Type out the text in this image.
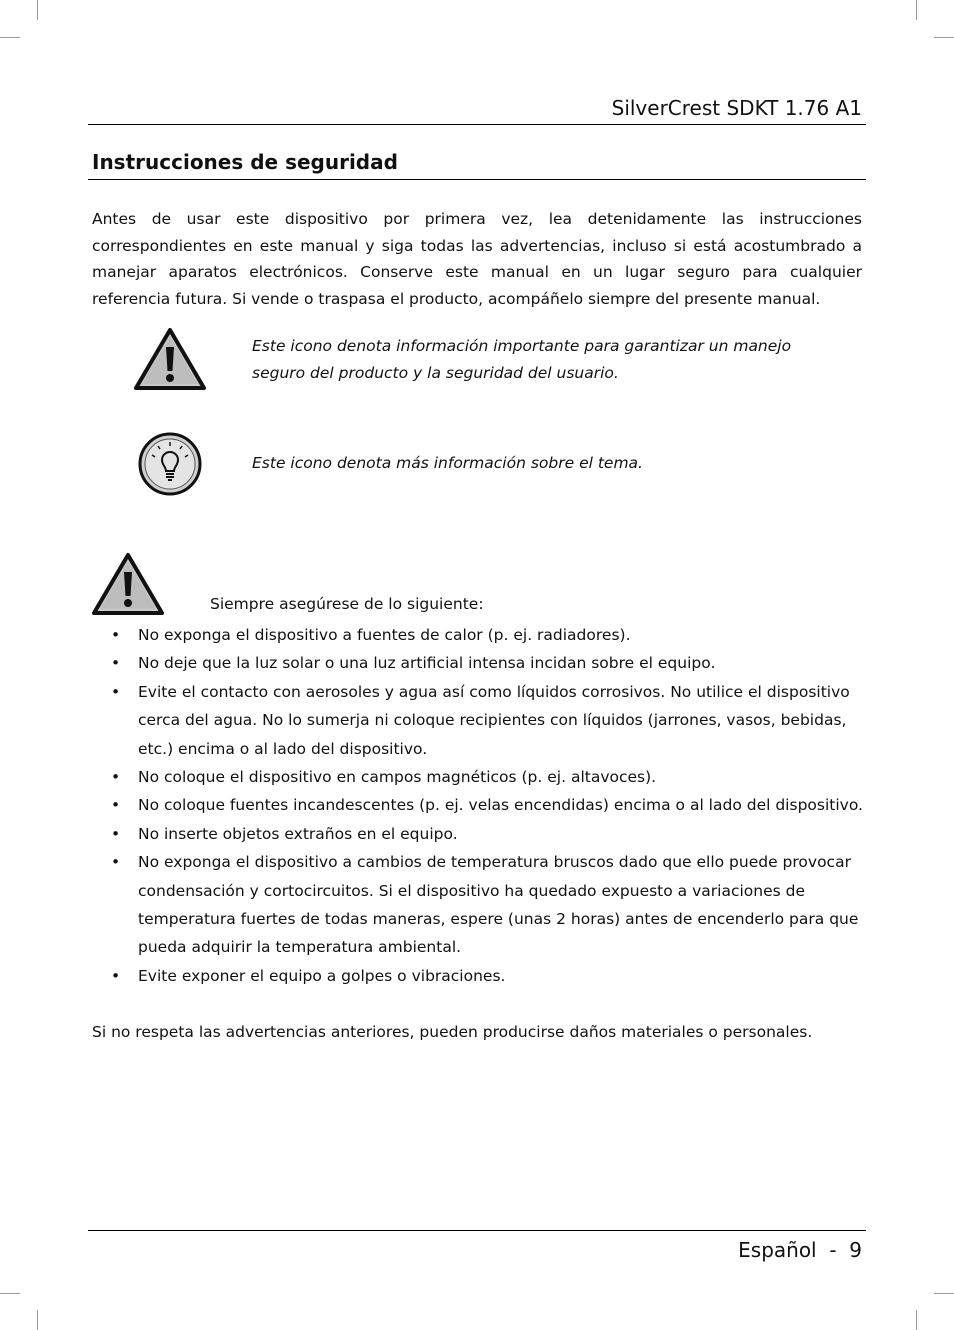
SilverCrest SDKT 1.76 A1
Instrucciones de seguridad

Antes de usar este dispositivo por primera vez, lea detenidamente las instrucciones correspondientes en este manual y siga todas las advertencias, incluso si está acostumbrado a manejar aparatos electrónicos. Conserve este manual en un lugar seguro para cualquier referencia futura. Si vende o traspasa el producto, acompáñelo siempre del presente manual.

Este icono denota información importante para garantizar un manejo seguro del producto y la seguridad del usuario.

Este icono denota más información sobre el tema.

Siempre asegúrese de lo siguiente:
• No exponga el dispositivo a fuentes de calor (p. ej. radiadores).
• No deje que la luz solar o una luz artificial intensa incidan sobre el equipo.
• Evite el contacto con aerosoles y agua así como líquidos corrosivos. No utilice el dispositivo cerca del agua. No lo sumerja ni coloque recipientes con líquidos (jarrones, vasos, bebidas, etc.) encima o al lado del dispositivo.
• No coloque el dispositivo en campos magnéticos (p. ej. altavoces).
• No coloque fuentes incandescentes (p. ej. velas encendidas) encima o al lado del dispositivo.
• No inserte objetos extraños en el equipo.
• No exponga el dispositivo a cambios de temperatura bruscos dado que ello puede provocar condensación y cortocircuitos. Si el dispositivo ha quedado expuesto a variaciones de temperatura fuertes de todas maneras, espere (unas 2 horas) antes de encenderlo para que pueda adquirir la temperatura ambiental.
• Evite exponer el equipo a golpes o vibraciones.

Si no respeta las advertencias anteriores, pueden producirse daños materiales o personales.

Español  -  9
